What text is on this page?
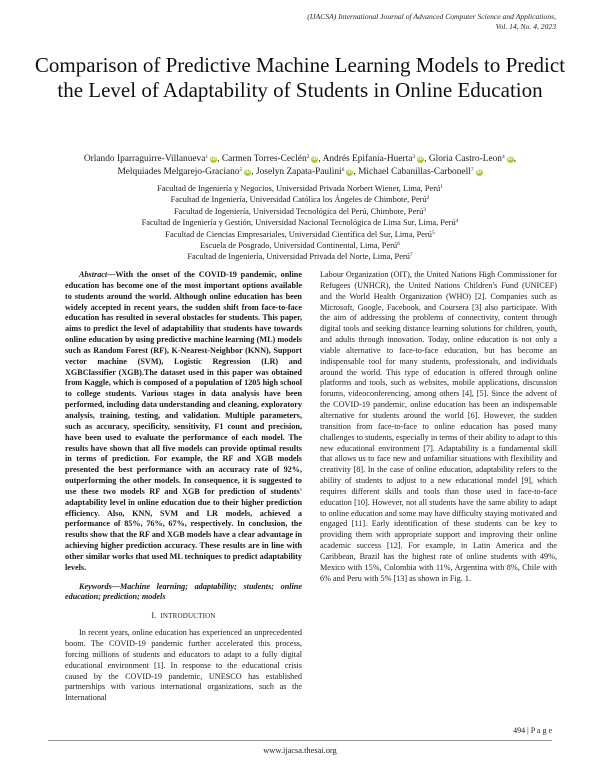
(IJACSA) International Journal of Advanced Computer Science and Applications,
Vol. 14, No. 4, 2023
Comparison of Predictive Machine Learning Models to Predict the Level of Adaptability of Students in Online Education
Orlando Iparraguirre-Villanueva$^1$ iD, Carmen Torres-Ceclén$^2$ iD, Andrés Epifanía-Huerta$^3$ iD, Gloria Castro-Leon$^4$ iD,
Melquiades Melgarejo-Graciano$^5$ iD, Joselyn Zapata-Paulini$^6$ iD, Michael Cabanillas-Carbonell$^7$ iD
Facultad de Ingeniería y Negocios, Universidad Privada Norbert Wiener, Lima, Perú$^1$
Facultad de Ingeniería, Universidad Católica los Ángeles de Chimbote, Perú$^2$
Facultad de Ingeniería, Universidad Tecnológica del Perú, Chimbote, Perú$^3$
Facultad de Ingeniería y Gestión, Universidad Nacional Tecnológica de Lima Sur, Lima, Perú$^4$
Facultad de Ciencias Empresariales, Universidad Científica del Sur, Lima, Perú$^5$
Escuela de Posgrado, Universidad Continental, Lima, Perú$^6$
Facultad de Ingeniería, Universidad Privada del Norte, Lima, Perú$^7$

Abstract—With the onset of the COVID-19 pandemic, online education has become one of the most important options available to students around the world. Although online education has been widely accepted in recent years, the sudden shift from face-to-face education has resulted in several obstacles for students. This paper, aims to predict the level of adaptability that students have towards online education by using predictive machine learning (ML) models such as Random Forest (RF), K-Nearest-Neighbor (KNN), Support vector machine (SVM), Logistic Regression (LR) and XGBClassifier (XGB).The dataset used in this paper was obtained from Kaggle, which is composed of a population of 1205 high school to college students. Various stages in data analysis have been performed, including data understanding and cleaning, exploratory analysis, training, testing, and validation. Multiple parameters, such as accuracy, specificity, sensitivity, F1 count and precision, have been used to evaluate the performance of each model. The results have shown that all five models can provide optimal results in terms of prediction. For example, the RF and XGB models presented the best performance with an accuracy rate of 92%, outperforming the other models. In consequence, it is suggested to use these two models RF and XGB for prediction of students' adaptability level in online education due to their higher prediction efficiency. Also, KNN, SVM and LR models, achieved a performance of 85%, 76%, 67%, respectively. In conclusion, the results show that the RF and XGB models have a clear advantage in achieving higher prediction accuracy. These results are in line with other similar works that used ML techniques to predict adaptability levels.

Keywords—Machine learning; adaptability; students; online education; prediction; models

I. INTRODUCTION

In recent years, online education has experienced an unprecedented boom. The COVID-19 pandemic further accelerated this process, forcing millions of students and educators to adapt to a fully digital educational environment [1]. In response to the educational crisis caused by the COVID-19 pandemic, UNESCO has established partnerships with various international organizations, such as the International

Labour Organization (OIT), the United Nations High Commissioner for Refugees (UNHCR), the United Nations Children's Fund (UNICEF) and the World Health Organization (WHO) [2]. Companies such as Microsoft, Google, Facebook, and Coursera [3] also participate. With the aim of addressing the problems of connectivity, content through digital tools and seeking distance learning solutions for children, youth, and adults through innovation. Today, online education is not only a viable alternative to face-to-face education, but has become an indispensable tool for many students, professionals, and individuals around the world. This type of education is offered through online platforms and tools, such as websites, mobile applications, discussion forums, videoconferencing, among others [4], [5]. Since the advent of the COVID-19 pandemic, online education has been an indispensable alternative for students around the world [6]. However, the sudden transition from face-to-face to online education has posed many challenges to students, especially in terms of their ability to adapt to this new educational environment [7]. Adaptability is a fundamental skill that allows us to face new and unfamiliar situations with flexibility and creativity [8]. In the case of online education, adaptability refers to the ability of students to adjust to a new educational model [9], which requires different skills and tools than those used in face-to-face education [10]. However, not all students have the same ability to adapt to online education and some may have difficulty staying motivated and engaged [11]. Early identification of these students can be key to providing them with appropriate support and improving their online academic success [12]. For example, in Latin America and the Caribbean, Brazil has the highest rate of online students with 49%, Mexico with 15%, Colombia with 11%, Argentina with 8%, Chile with 6% and Peru with 5% [13] as shown in Fig. 1.

494 | P a g e
www.ijacsa.thesai.org
